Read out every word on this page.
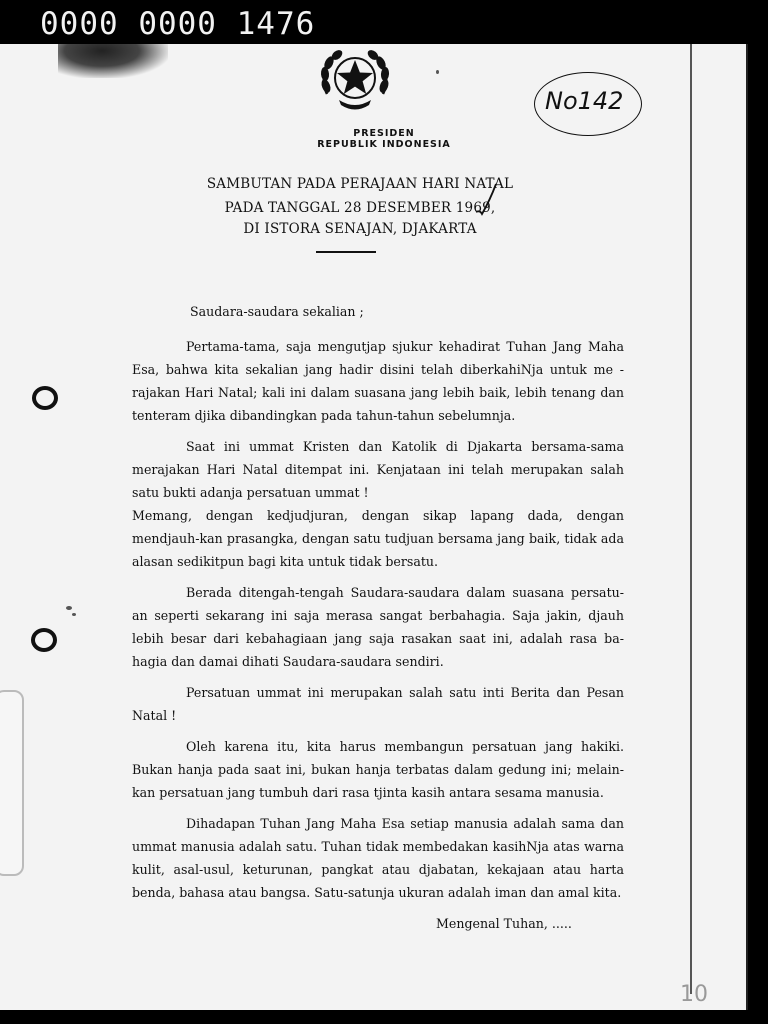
0000 0000 1476
PRESIDEN
REPUBLIK INDONESIA
No142
SAMBUTAN PADA PERAJAAN HARI NATAL
PADA TANGGAL 28 DESEMBER 1969,
DI ISTORA SENAJAN, DJAKARTA

Saudara-saudara sekalian ;

Pertama-tama, saja mengutjap sjukur kehadirat Tuhan Jang Maha Esa, bahwa kita sekalian jang hadir disini telah diberkahiNja untuk me - rajakan Hari Natal; kali ini dalam suasana jang lebih baik, lebih tenang dan tenteram djika dibandingkan pada tahun-tahun sebelumnja.

Saat ini ummat Kristen dan Katolik di Djakarta bersama-sama merajakan Hari Natal ditempat ini. Kenjataan ini telah merupakan salah satu bukti adanja persatuan ummat !

Memang, dengan kedjudjuran, dengan sikap lapang dada, dengan mendjauh-kan prasangka, dengan satu tudjuan bersama jang baik, tidak ada alasan sedikitpun bagi kita untuk tidak bersatu.

Berada ditengah-tengah Saudara-saudara dalam suasana persatu-an seperti sekarang ini saja merasa sangat berbahagia. Saja jakin, djauh lebih besar dari kebahagiaan jang saja rasakan saat ini, adalah rasa ba-hagia dan damai dihati Saudara-saudara sendiri.

Persatuan ummat ini merupakan salah satu inti Berita dan Pesan Natal !

Oleh karena itu, kita harus membangun persatuan jang hakiki. Bukan hanja pada saat ini, bukan hanja terbatas dalam gedung ini; melain-kan persatuan jang tumbuh dari rasa tjinta kasih antara sesama manusia.

Dihadapan Tuhan Jang Maha Esa setiap manusia adalah sama dan ummat manusia adalah satu. Tuhan tidak membedakan kasihNja atas warna kulit, asal-usul, keturunan, pangkat atau djabatan, kekajaan atau harta benda, bahasa atau bangsa. Satu-satunja ukuran adalah iman dan amal kita.

Mengenal Tuhan, .....
10
